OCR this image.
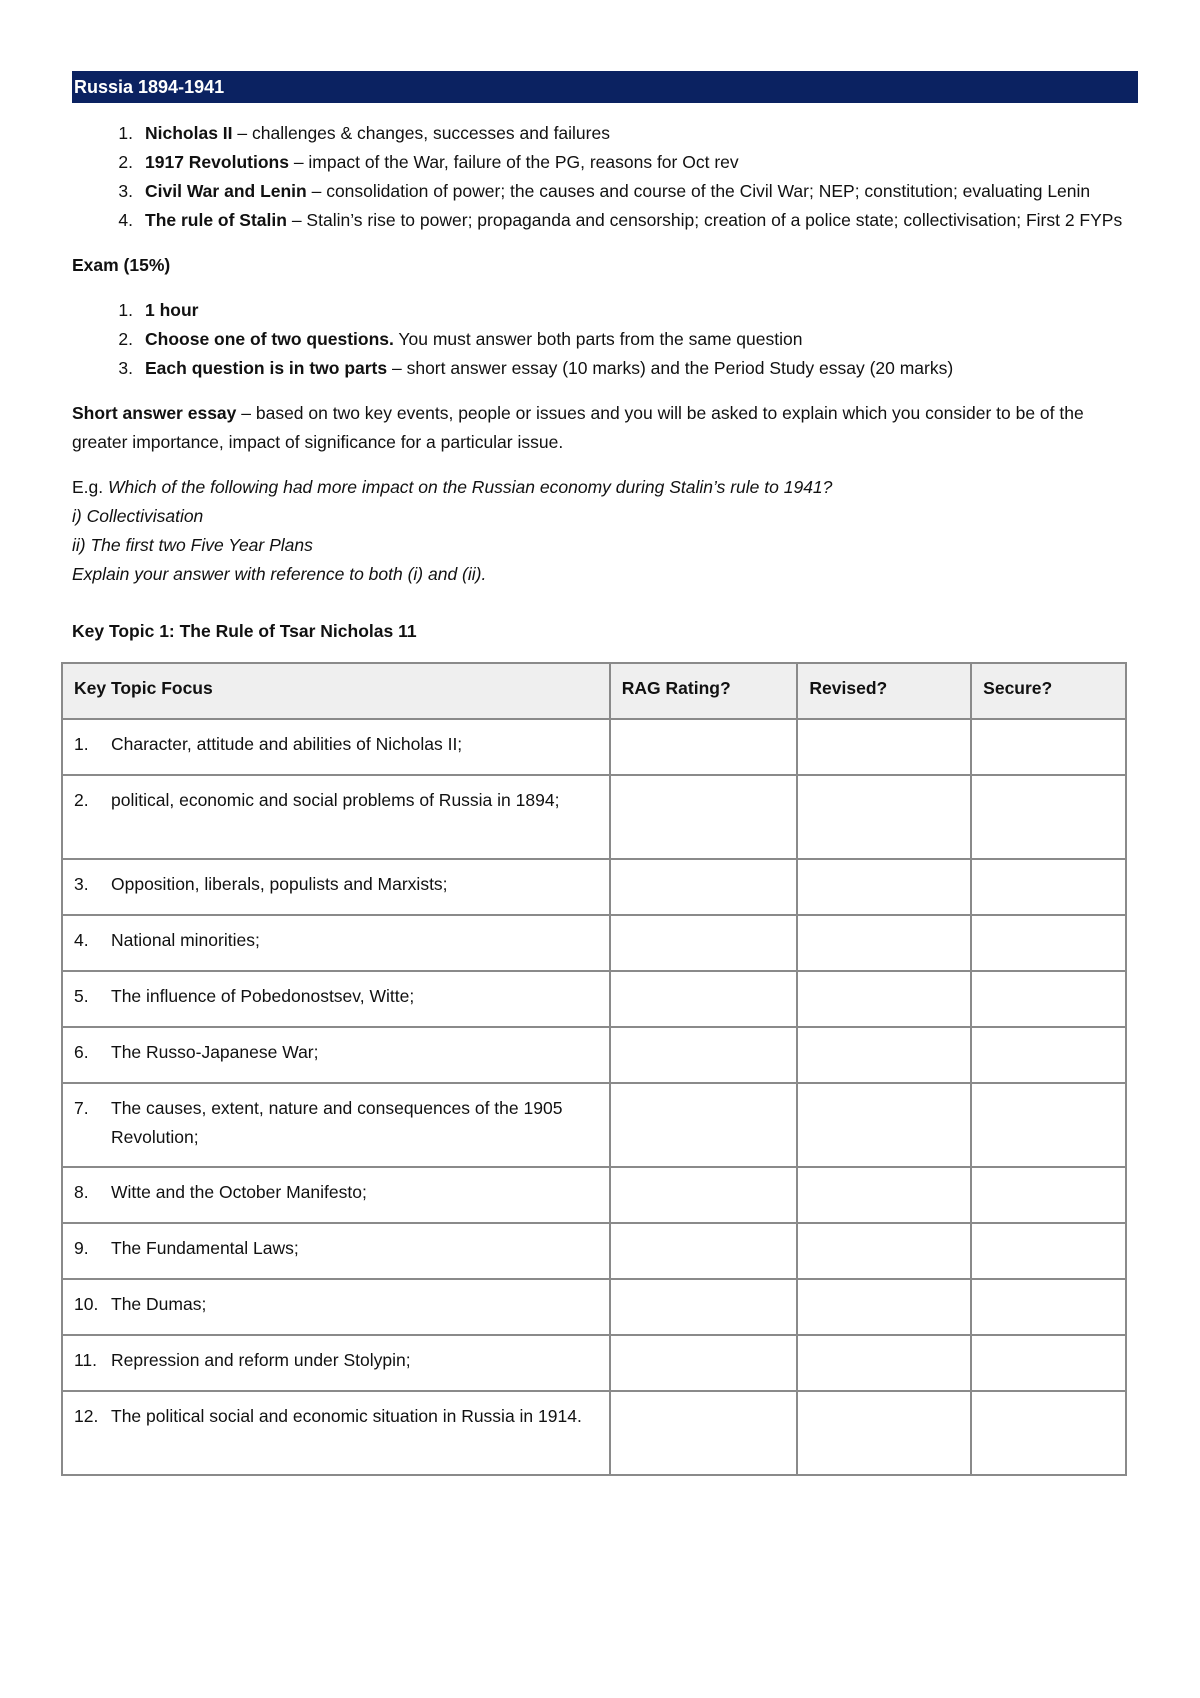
Russia 1894-1941
1. Nicholas II – challenges & changes, successes and failures
2. 1917 Revolutions – impact of the War, failure of the PG, reasons for Oct rev
3. Civil War and Lenin – consolidation of power; the causes and course of the Civil War; NEP; constitution; evaluating Lenin
4. The rule of Stalin – Stalin’s rise to power; propaganda and censorship; creation of a police state; collectivisation; First 2 FYPs
Exam (15%)
1. 1 hour
2. Choose one of two questions. You must answer both parts from the same question
3. Each question is in two parts – short answer essay (10 marks) and the Period Study essay (20 marks)
Short answer essay – based on two key events, people or issues and you will be asked to explain which you consider to be of the greater importance, impact of significance for a particular issue.
E.g. Which of the following had more impact on the Russian economy during Stalin’s rule to 1941?
i) Collectivisation
ii) The first two Five Year Plans
Explain your answer with reference to both (i) and (ii).
Key Topic 1: The Rule of Tsar Nicholas 11
Key Topic Focus	RAG Rating?	Revised?	Secure?

1. Character, attitude and abilities of Nicholas II;			

2. political, economic and social problems of Russia in 1894;			

3. Opposition, liberals, populists and Marxists;			

4. National minorities;			

5. The influence of Pobedonostsev, Witte;			

6. The Russo-Japanese War;			

7. The causes, extent, nature and consequences of the 1905 Revolution;			

8. Witte and the October Manifesto;			

9. The Fundamental Laws;			

10. The Dumas;			

11. Repression and reform under Stolypin;			

12. The political social and economic situation in Russia in 1914.			
